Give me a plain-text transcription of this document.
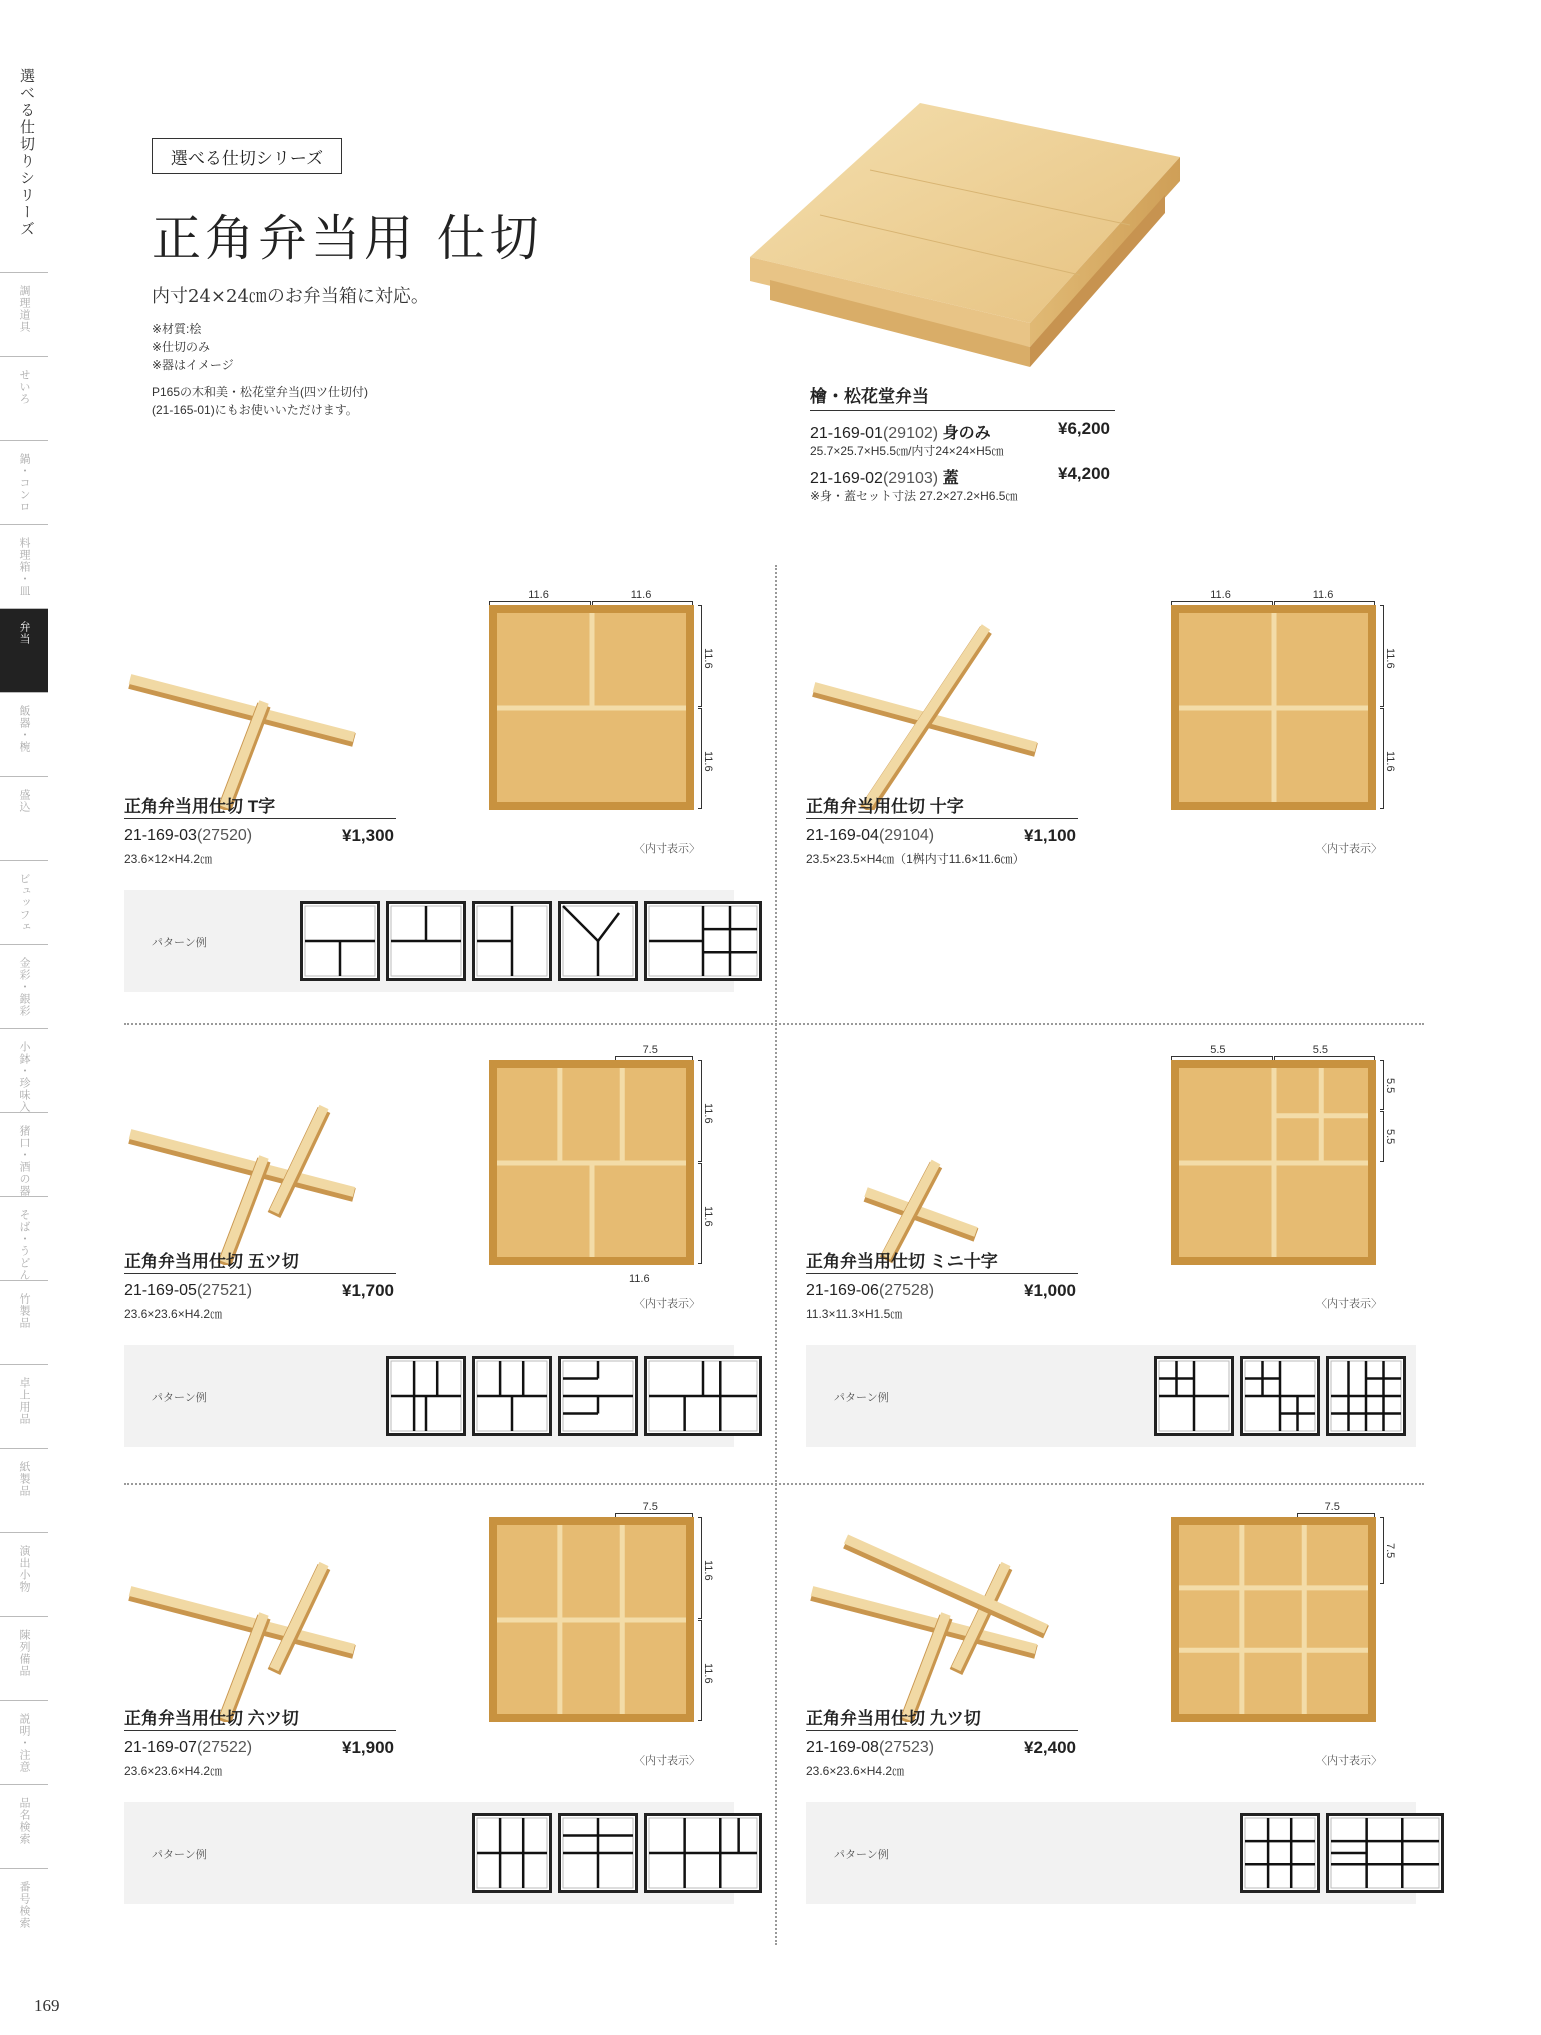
選べる仕切りシリーズ
調理道具
せいろ
鍋・コンロ
料理箱・皿
弁当
飯器・椀
盛込
ビュッフェ
金彩・銀彩
小鉢・珍味入
猪口・酒の器
そば・うどん
竹製品
卓上用品
紙製品
演出小物
陳列備品
説明・注意
品名検索
番号検索
169
選べる仕切シリーズ
正角弁当用 仕切
内寸24×24㎝のお弁当箱に対応。
※材質:桧
※仕切のみ
※器はイメージ
P165の木和美・松花堂弁当(四ツ仕切付)
(21-165-01)にもお使いいただけます。
檜・松花堂弁当
21-169-01(29102) 身のみ	¥6,200
25.7×25.7×H5.5㎝/内寸24×24×H5㎝
21-169-02(29103) 蓋	¥4,200
※身・蓋セット寸法 27.2×27.2×H6.5㎝
11.6	11.6
11.6
11.6
正角弁当用仕切 T字
21-169-03(27520)	¥1,300
23.6×12×H4.2㎝
〈内寸表示〉
パターン例
11.6	11.6
11.6
11.6
正角弁当用仕切 十字
21-169-04(29104)	¥1,100
23.5×23.5×H4㎝（1桝内寸11.6×11.6㎝）
〈内寸表示〉
7.5
11.6
11.6
11.6
正角弁当用仕切 五ツ切
21-169-05(27521)	¥1,700
23.6×23.6×H4.2㎝
〈内寸表示〉
パターン例
5.5	5.5
5.5
5.5
正角弁当用仕切 ミニ十字
21-169-06(27528)	¥1,000
11.3×11.3×H1.5㎝
〈内寸表示〉
パターン例
7.5
11.6
11.6
正角弁当用仕切 六ツ切
21-169-07(27522)	¥1,900
23.6×23.6×H4.2㎝
〈内寸表示〉
パターン例
7.5
7.5
正角弁当用仕切 九ツ切
21-169-08(27523)	¥2,400
23.6×23.6×H4.2㎝
〈内寸表示〉
パターン例
